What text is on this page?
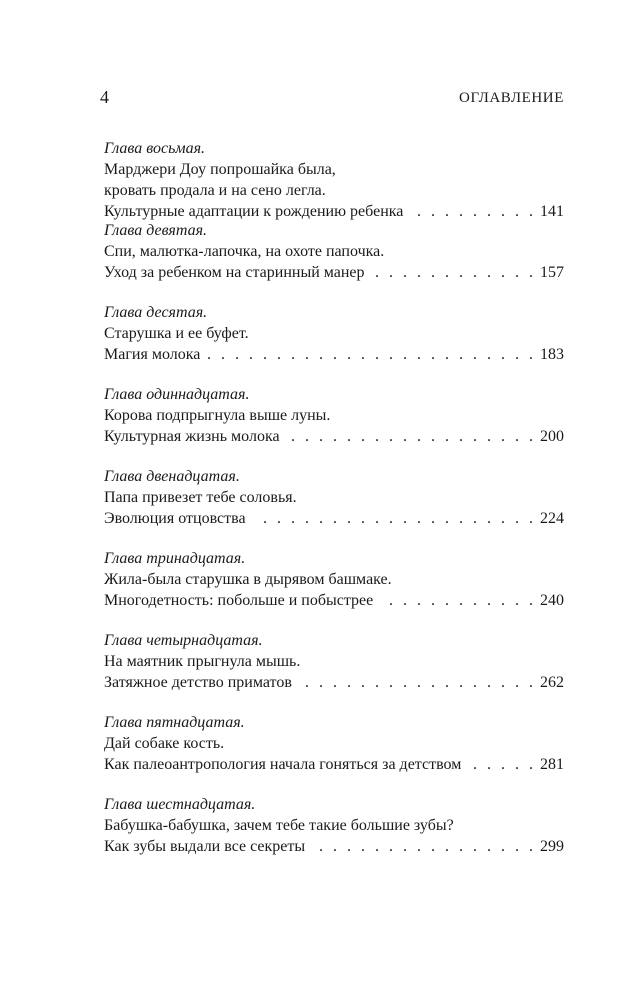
4	ОГЛАВЛЕНИЕ
Глава восьмая.
Марджери Доу попрошайка была,
кровать продала и на сено легла.
Культурные адаптации к рождению ребенка . . .	141
Глава девятая.
Спи, малютка-лапочка, на охоте папочка.
Уход за ребенком на старинный манер . . .	157
Глава десятая.
Старушка и ее буфет.
Магия молока . . .	183
Глава одиннадцатая.
Корова подпрыгнула выше луны.
Культурная жизнь молока . . .	200
Глава двенадцатая.
Папа привезет тебе соловья.
Эволюция отцовства . . .	224
Глава тринадцатая.
Жила-была старушка в дырявом башмаке.
Многодетность: побольше и побыстрее . . .	240
Глава четырнадцатая.
На маятник прыгнула мышь.
Затяжное детство приматов . . .	262
Глава пятнадцатая.
Дай собаке кость.
Как палеоантропология начала гоняться за детством . . .	281
Глава шестнадцатая.
Бабушка-бабушка, зачем тебе такие большие зубы?
Как зубы выдали все секреты . . .	299
